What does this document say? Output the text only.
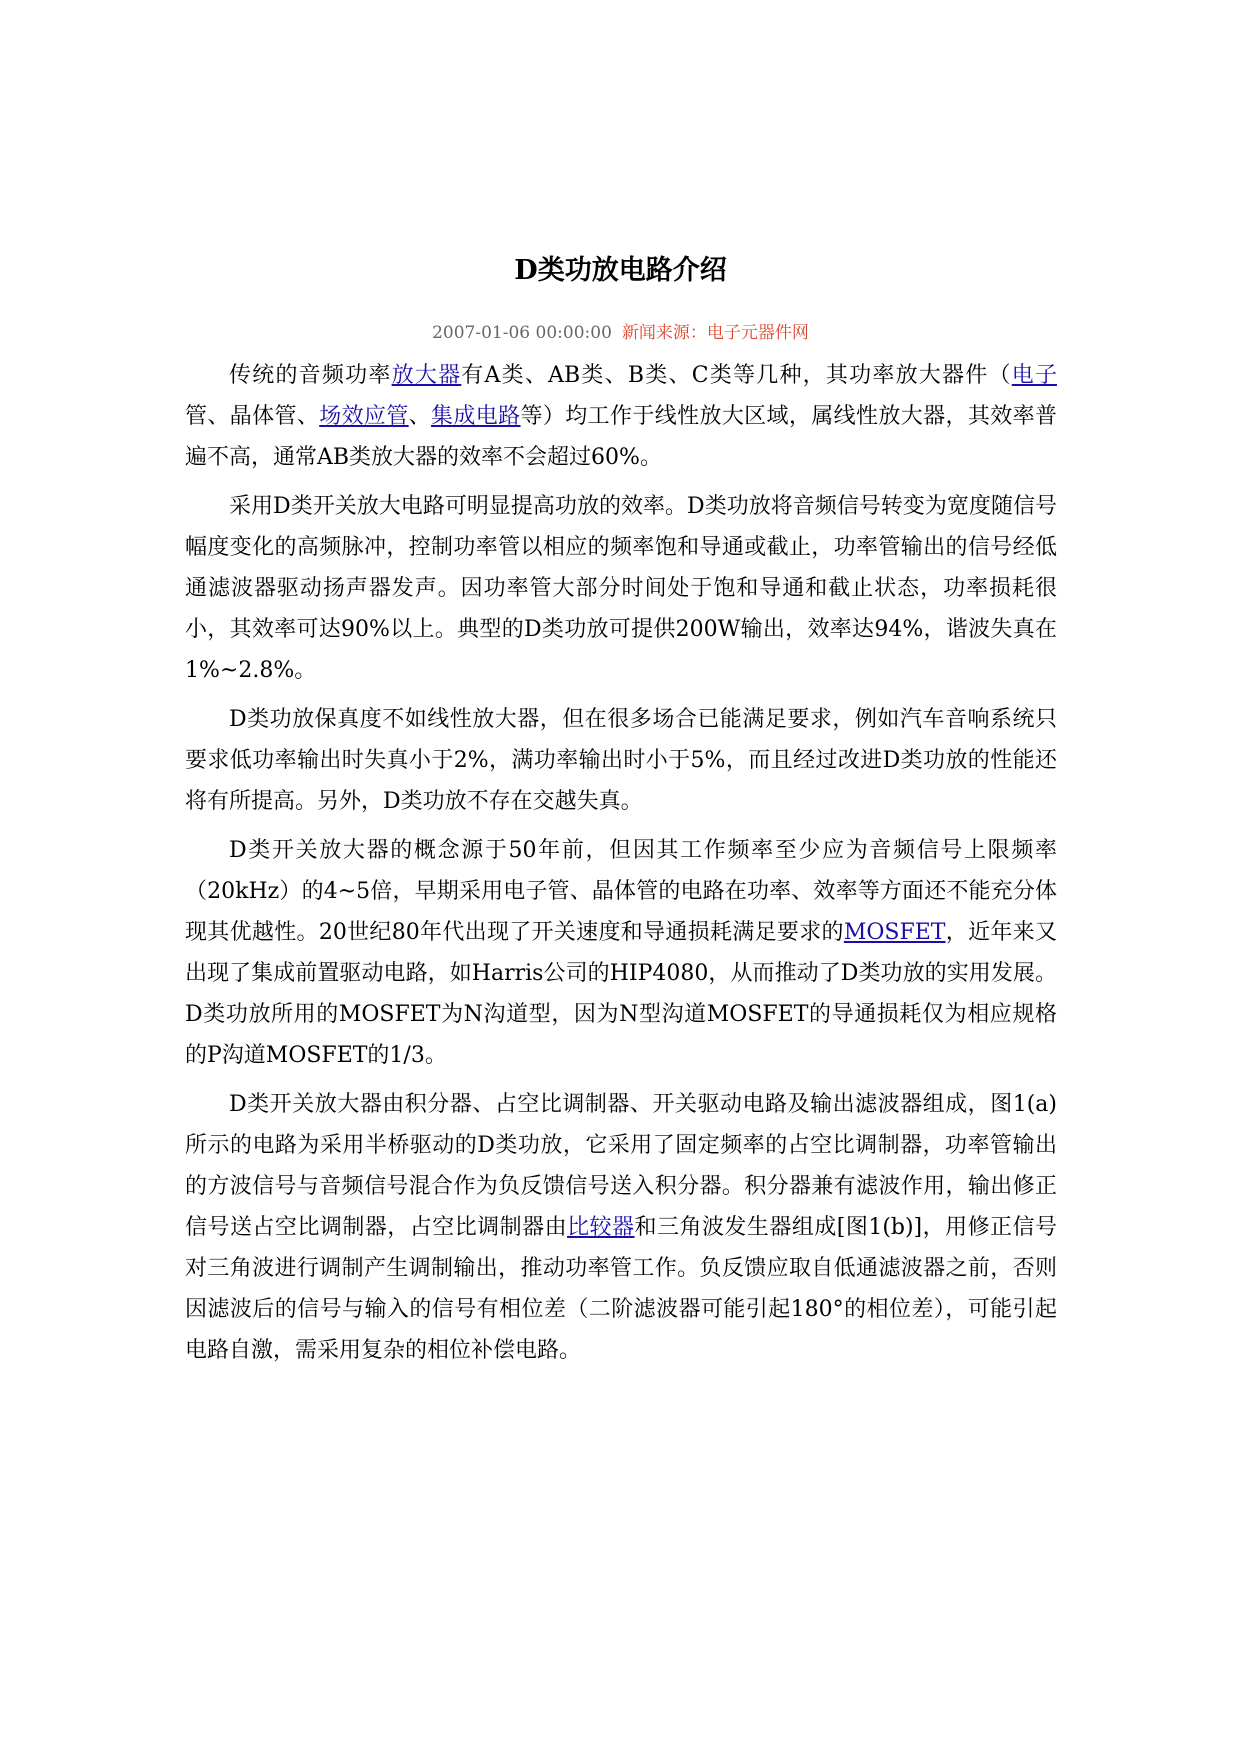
D类功放电路介绍
2007-01-06 00:00:00 新闻来源：电子元器件网

传统的音频功率放大器有A类、AB类、B类、C类等几种，其功率放大器件（电子管、晶体管、场效应管、集成电路等）均工作于线性放大区域，属线性放大器，其效率普遍不高，通常AB类放大器的效率不会超过60%。

采用D类开关放大电路可明显提高功放的效率。D类功放将音频信号转变为宽度随信号幅度变化的高频脉冲，控制功率管以相应的频率饱和导通或截止，功率管输出的信号经低通滤波器驱动扬声器发声。因功率管大部分时间处于饱和导通和截止状态，功率损耗很小，其效率可达90%以上。典型的D类功放可提供200W输出，效率达94%，谐波失真在1%~2.8%。

D类功放保真度不如线性放大器，但在很多场合已能满足要求，例如汽车音响系统只要求低功率输出时失真小于2%，满功率输出时小于5%，而且经过改进D类功放的性能还将有所提高。另外，D类功放不存在交越失真。

D类开关放大器的概念源于50年前，但因其工作频率至少应为音频信号上限频率（20kHz）的4~5倍，早期采用电子管、晶体管的电路在功率、效率等方面还不能充分体现其优越性。20世纪80年代出现了开关速度和导通损耗满足要求的MOSFET，近年来又出现了集成前置驱动电路，如Harris公司的HIP4080，从而推动了D类功放的实用发展。D类功放所用的MOSFET为N沟道型，因为N型沟道MOSFET的导通损耗仅为相应规格的P沟道MOSFET的1/3。

D类开关放大器由积分器、占空比调制器、开关驱动电路及输出滤波器组成，图1(a)所示的电路为采用半桥驱动的D类功放，它采用了固定频率的占空比调制器，功率管输出的方波信号与音频信号混合作为负反馈信号送入积分器。积分器兼有滤波作用，输出修正信号送占空比调制器，占空比调制器由比较器和三角波发生器组成[图1(b)]，用修正信号对三角波进行调制产生调制输出，推动功率管工作。负反馈应取自低通滤波器之前，否则因滤波后的信号与输入的信号有相位差（二阶滤波器可能引起180°的相位差），可能引起电路自激，需采用复杂的相位补偿电路。
